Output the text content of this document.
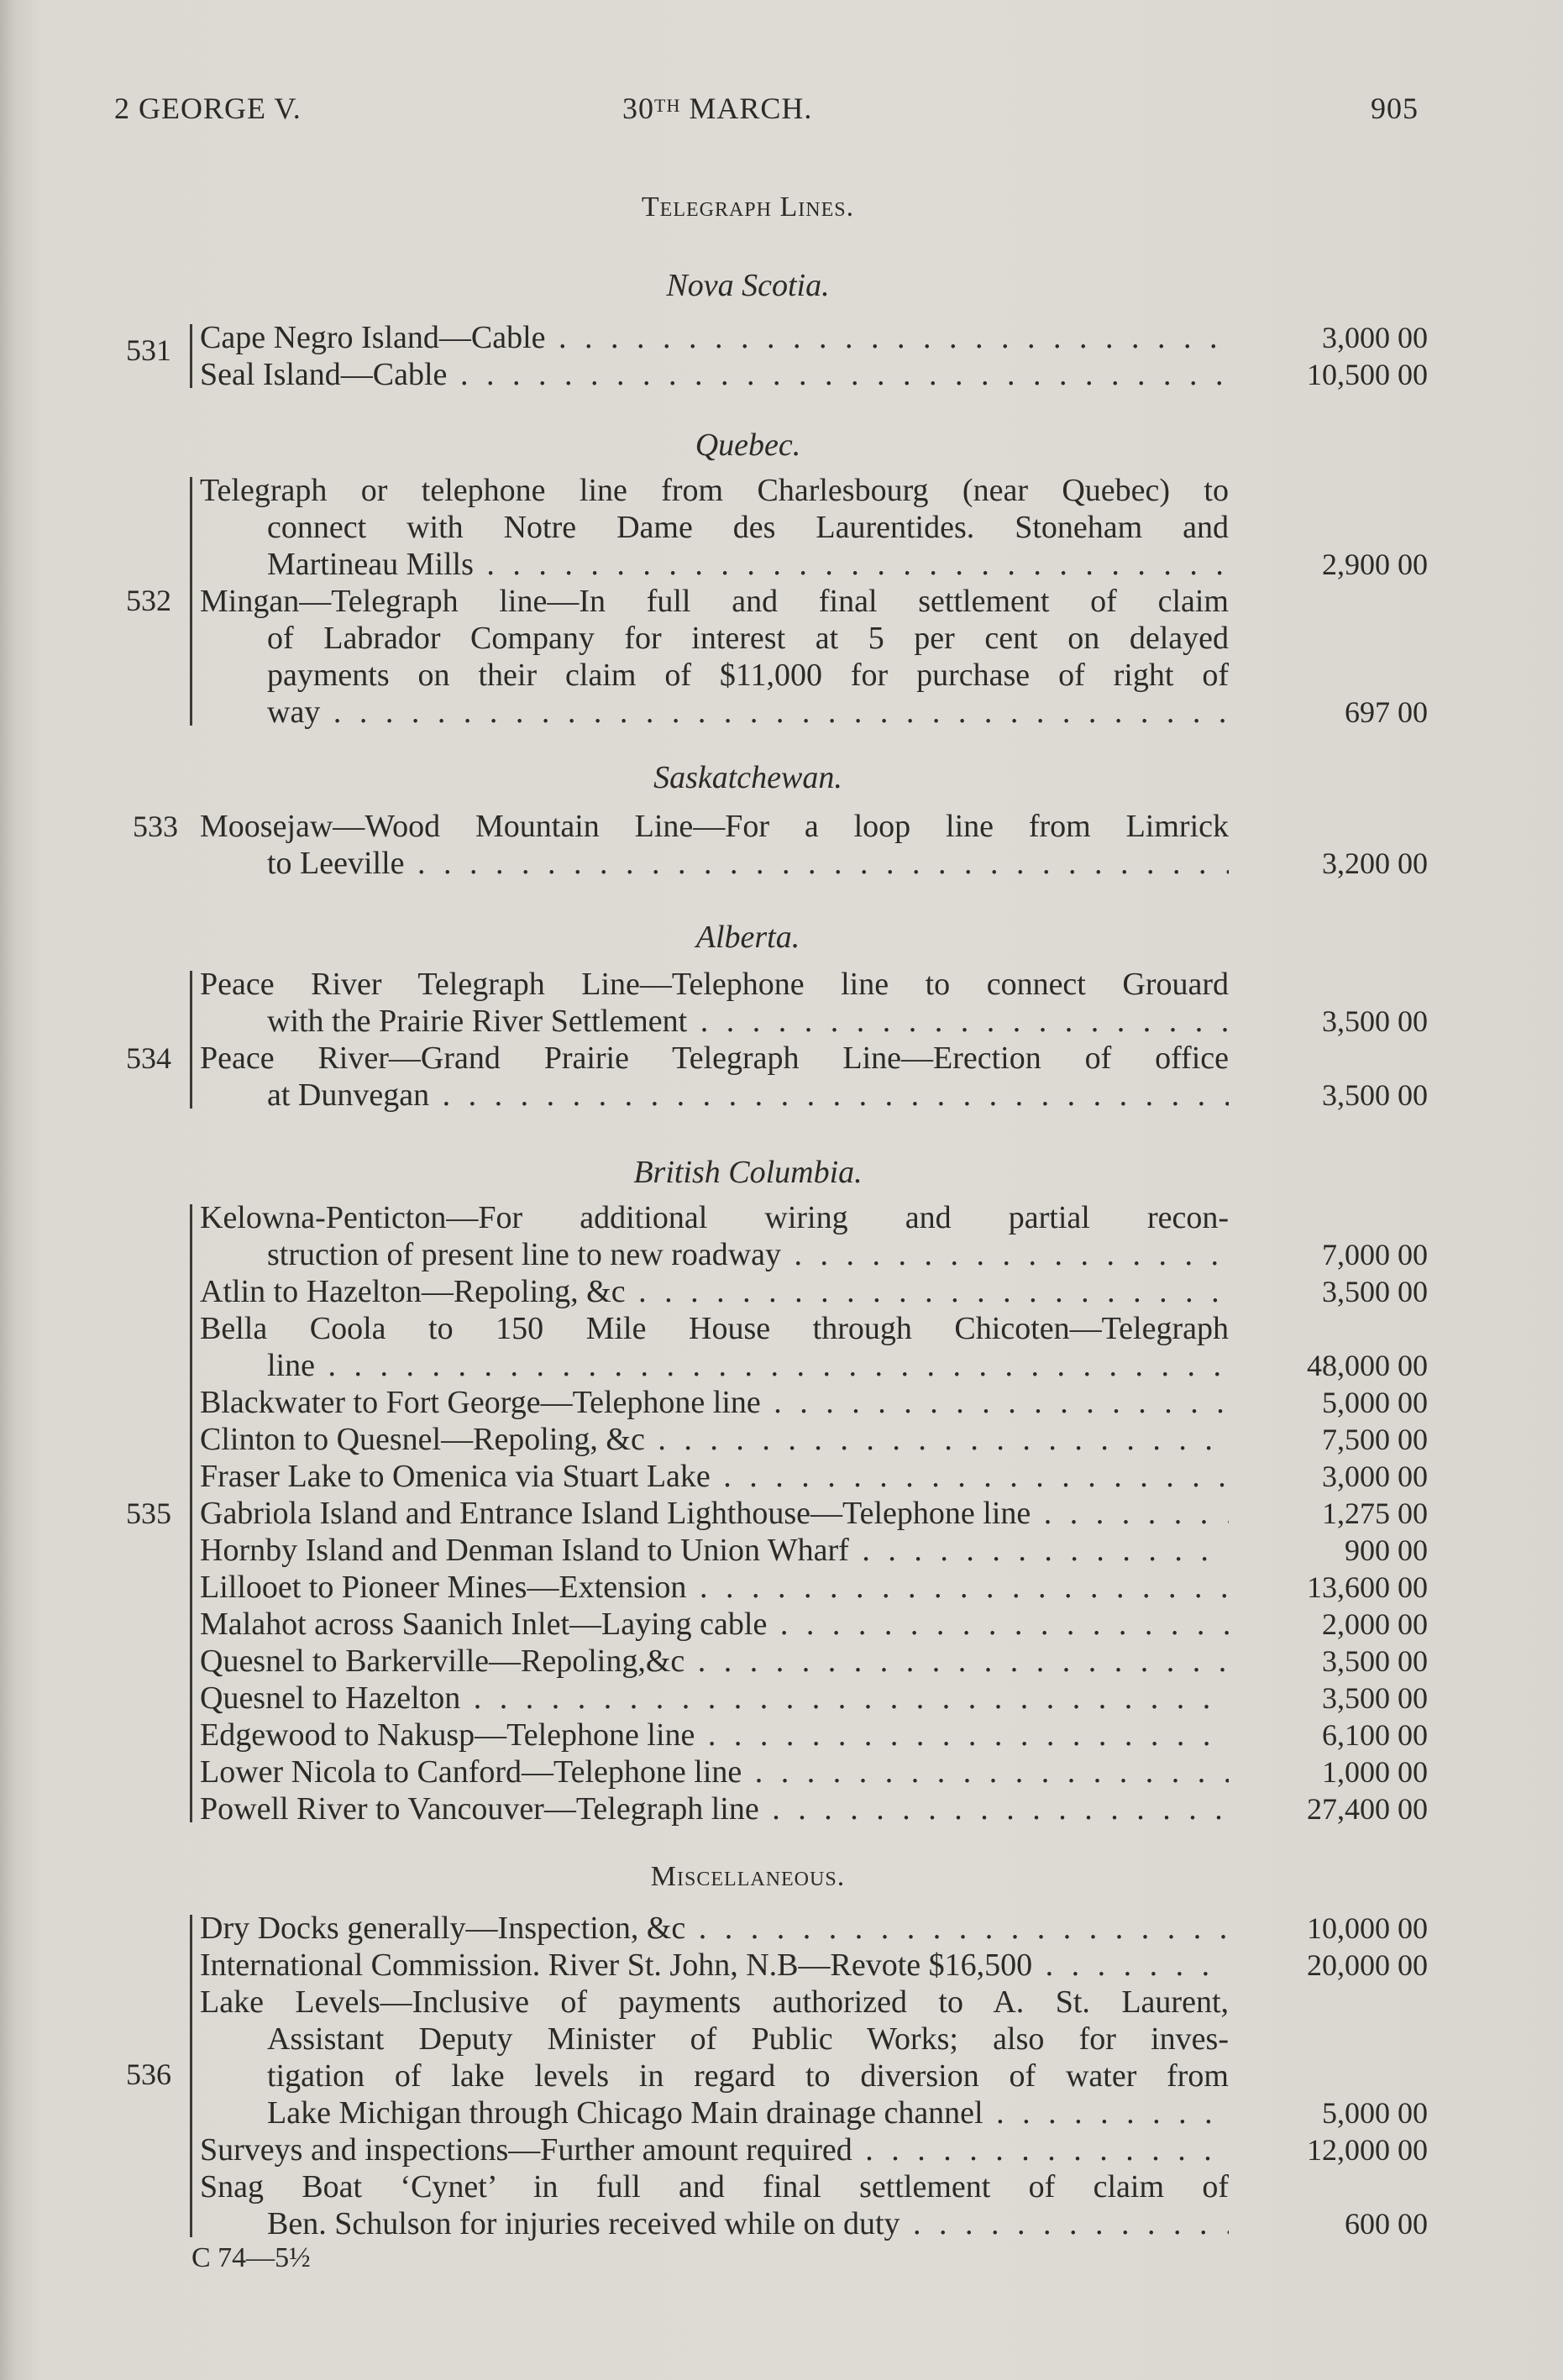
2 GEORGE V.	30TH MARCH.	905
Telegraph Lines.
Nova Scotia.
531 Cape Negro Island—Cable . . .	3,000 00
Seal Island—Cable . . .	10,500 00
Quebec.
532
Telegraph or telephone line from Charlesbourg (near Quebec) to
connect with Notre Dame des Laurentides. Stoneham and
Martineau Mills . . .	2,900 00
Mingan—Telegraph line—In full and final settlement of claim
of Labrador Company for interest at 5 per cent on delayed
payments on their claim of $11,000 for purchase of right of
way . . .	697 00
Saskatchewan.
533 Moosejaw—Wood Mountain Line—For a loop line from Limrick
to Leeville . . .	3,200 00
Alberta.
534
Peace River Telegraph Line—Telephone line to connect Grouard
with the Prairie River Settlement . . .	3,500 00
Peace River—Grand Prairie Telegraph Line—Erection of office
at Dunvegan . . .	3,500 00
British Columbia.
535
Kelowna-Penticton—For additional wiring and partial recon-
struction of present line to new roadway . . .	7,000 00
Atlin to Hazelton—Repoling, &c . . .	3,500 00
Bella Coola to 150 Mile House through Chicoten—Telegraph
line . . .	48,000 00
Blackwater to Fort George—Telephone line . . .	5,000 00
Clinton to Quesnel—Repoling, &c . . .	7,500 00
Fraser Lake to Omenica via Stuart Lake . . .	3,000 00
Gabriola Island and Entrance Island Lighthouse—Telephone line . . .	1,275 00
Hornby Island and Denman Island to Union Wharf . . .	900 00
Lillooet to Pioneer Mines—Extension . . .	13,600 00
Malahot across Saanich Inlet—Laying cable . . .	2,000 00
Quesnel to Barkerville—Repoling,&c . . .	3,500 00
Quesnel to Hazelton . . .	3,500 00
Edgewood to Nakusp—Telephone line . . .	6,100 00
Lower Nicola to Canford—Telephone line . . .	1,000 00
Powell River to Vancouver—Telegraph line . . .	27,400 00
Miscellaneous.
536
Dry Docks generally—Inspection, &c . . .	10,000 00
International Commission. River St. John, N.B—Revote $16,500 . . .	20,000 00
Lake Levels—Inclusive of payments authorized to A. St. Laurent,
Assistant Deputy Minister of Public Works; also for inves-
tigation of lake levels in regard to diversion of water from
Lake Michigan through Chicago Main drainage channel . . .	5,000 00
Surveys and inspections—Further amount required . . .	12,000 00
Snag Boat ‘Cynet’ in full and final settlement of claim of
Ben. Schulson for injuries received while on duty . . .	600 00
C 74—5½
